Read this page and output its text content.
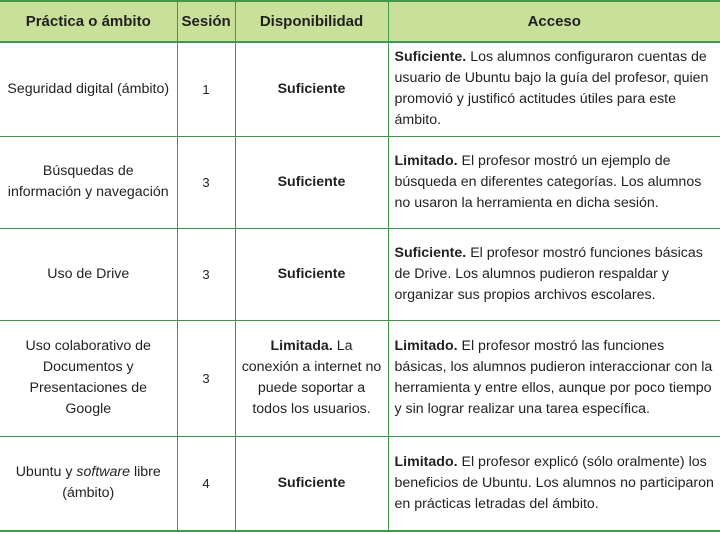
Práctica o ámbito	Sesión	Disponibilidad	Acceso
Seguridad digital (ámbito)	1	Suficiente	Suficiente. Los alumnos configuraron cuentas de usuario de Ubuntu bajo la guía del profesor, quien promovió y justificó actitudes útiles para este ámbito.
Búsquedas de información y navegación	3	Suficiente	Limitado. El profesor mostró un ejemplo de búsqueda en diferentes categorías. Los alumnos no usaron la herramienta en dicha sesión.
Uso de Drive	3	Suficiente	Suficiente. El profesor mostró funciones básicas de Drive. Los alumnos pudieron respaldar y organizar sus propios archivos escolares.
Uso colaborativo de Documentos y Presentaciones de Google	3	Limitada. La conexión a internet no puede soportar a todos los usuarios.	Limitado. El profesor mostró las funciones básicas, los alumnos pudieron interaccionar con la herramienta y entre ellos, aunque por poco tiempo y sin lograr realizar una tarea específica.
Ubuntu y software libre (ámbito)	4	Suficiente	Limitado. El profesor explicó (sólo oralmente) los beneficios de Ubuntu. Los alumnos no participaron en prácticas letradas del ámbito.
